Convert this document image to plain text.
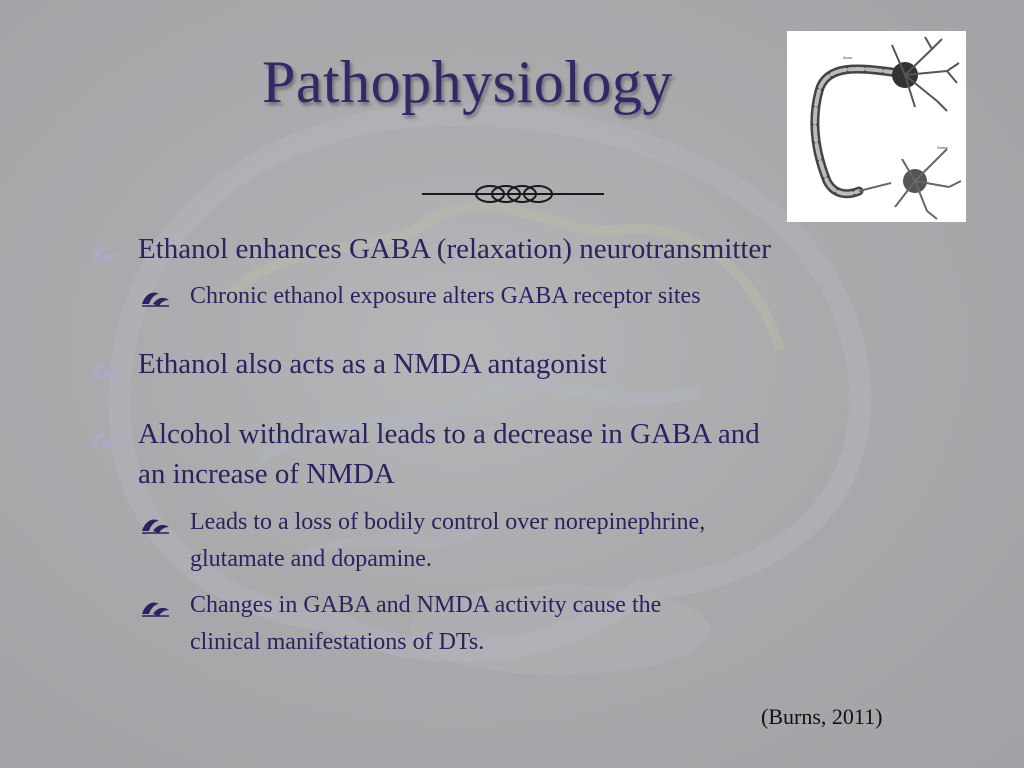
Pathophysiology	Axon
Soma
Ethanol enhances GABA (relaxation) neurotransmitter
Chronic ethanol exposure alters GABA receptor sites
Ethanol also acts as a NMDA antagonist
Alcohol withdrawal leads to a decrease in GABA and
an increase of NMDA
Leads to a loss of bodily control over norepinephrine,
glutamate and dopamine.
Changes in GABA and NMDA activity cause the
clinical manifestations of DTs.
(Burns, 2011)
